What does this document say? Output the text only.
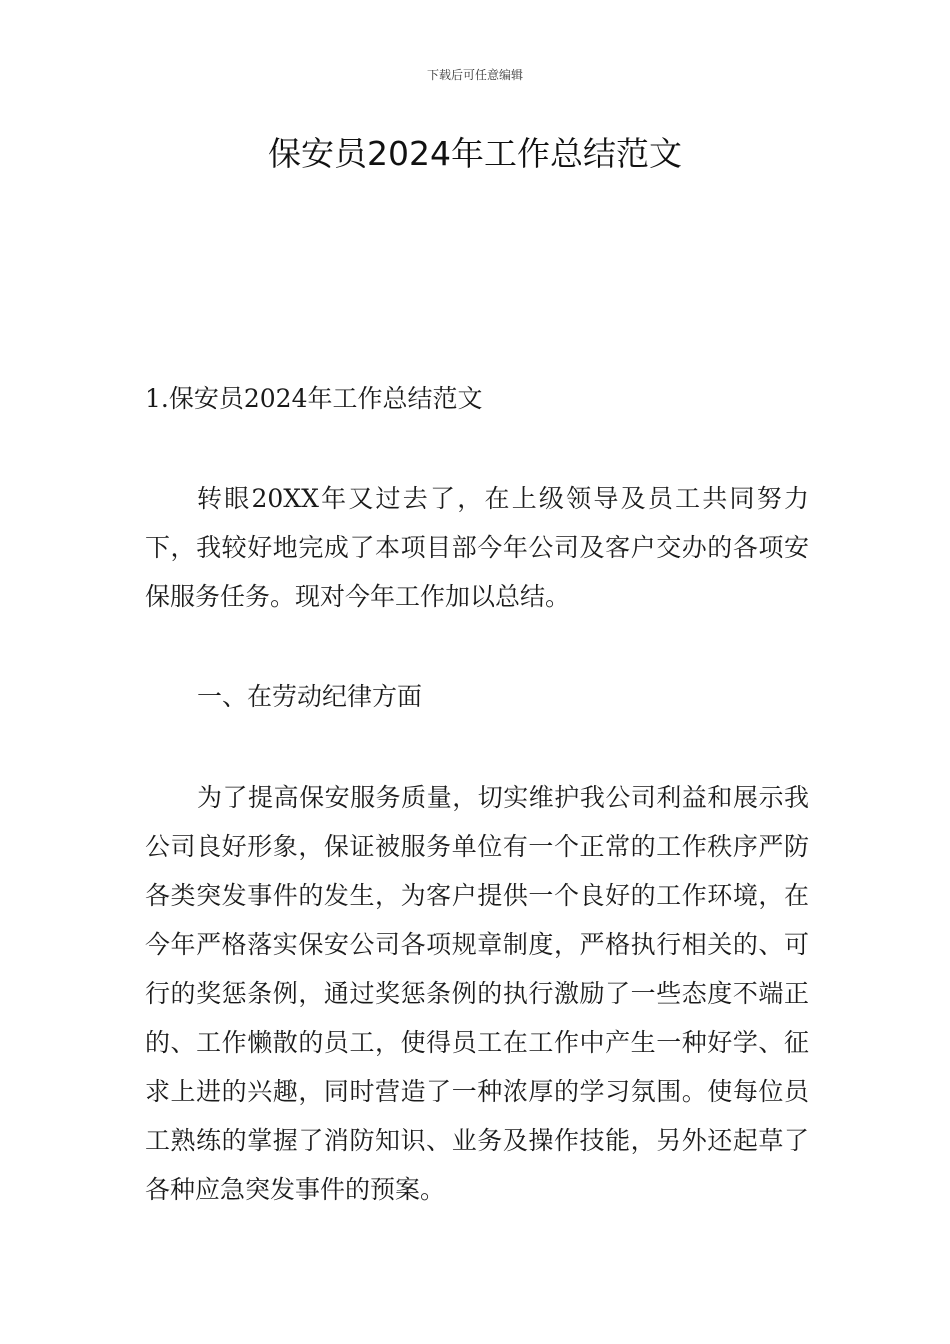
下载后可任意编辑
保安员2024年工作总结范文

1.保安员2024年工作总结范文

转眼20XX年又过去了，在上级领导及员工共同努力下，我较好地完成了本项目部今年公司及客户交办的各项安保服务任务。现对今年工作加以总结。

一、在劳动纪律方面

为了提高保安服务质量，切实维护我公司利益和展示我公司良好形象，保证被服务单位有一个正常的工作秩序严防各类突发事件的发生，为客户提供一个良好的工作环境，在今年严格落实保安公司各项规章制度，严格执行相关的、可行的奖惩条例，通过奖惩条例的执行激励了一些态度不端正的、工作懒散的员工，使得员工在工作中产生一种好学、征求上进的兴趣，同时营造了一种浓厚的学习氛围。使每位员工熟练的掌握了消防知识、业务及操作技能，另外还起草了各种应急突发事件的预案。
